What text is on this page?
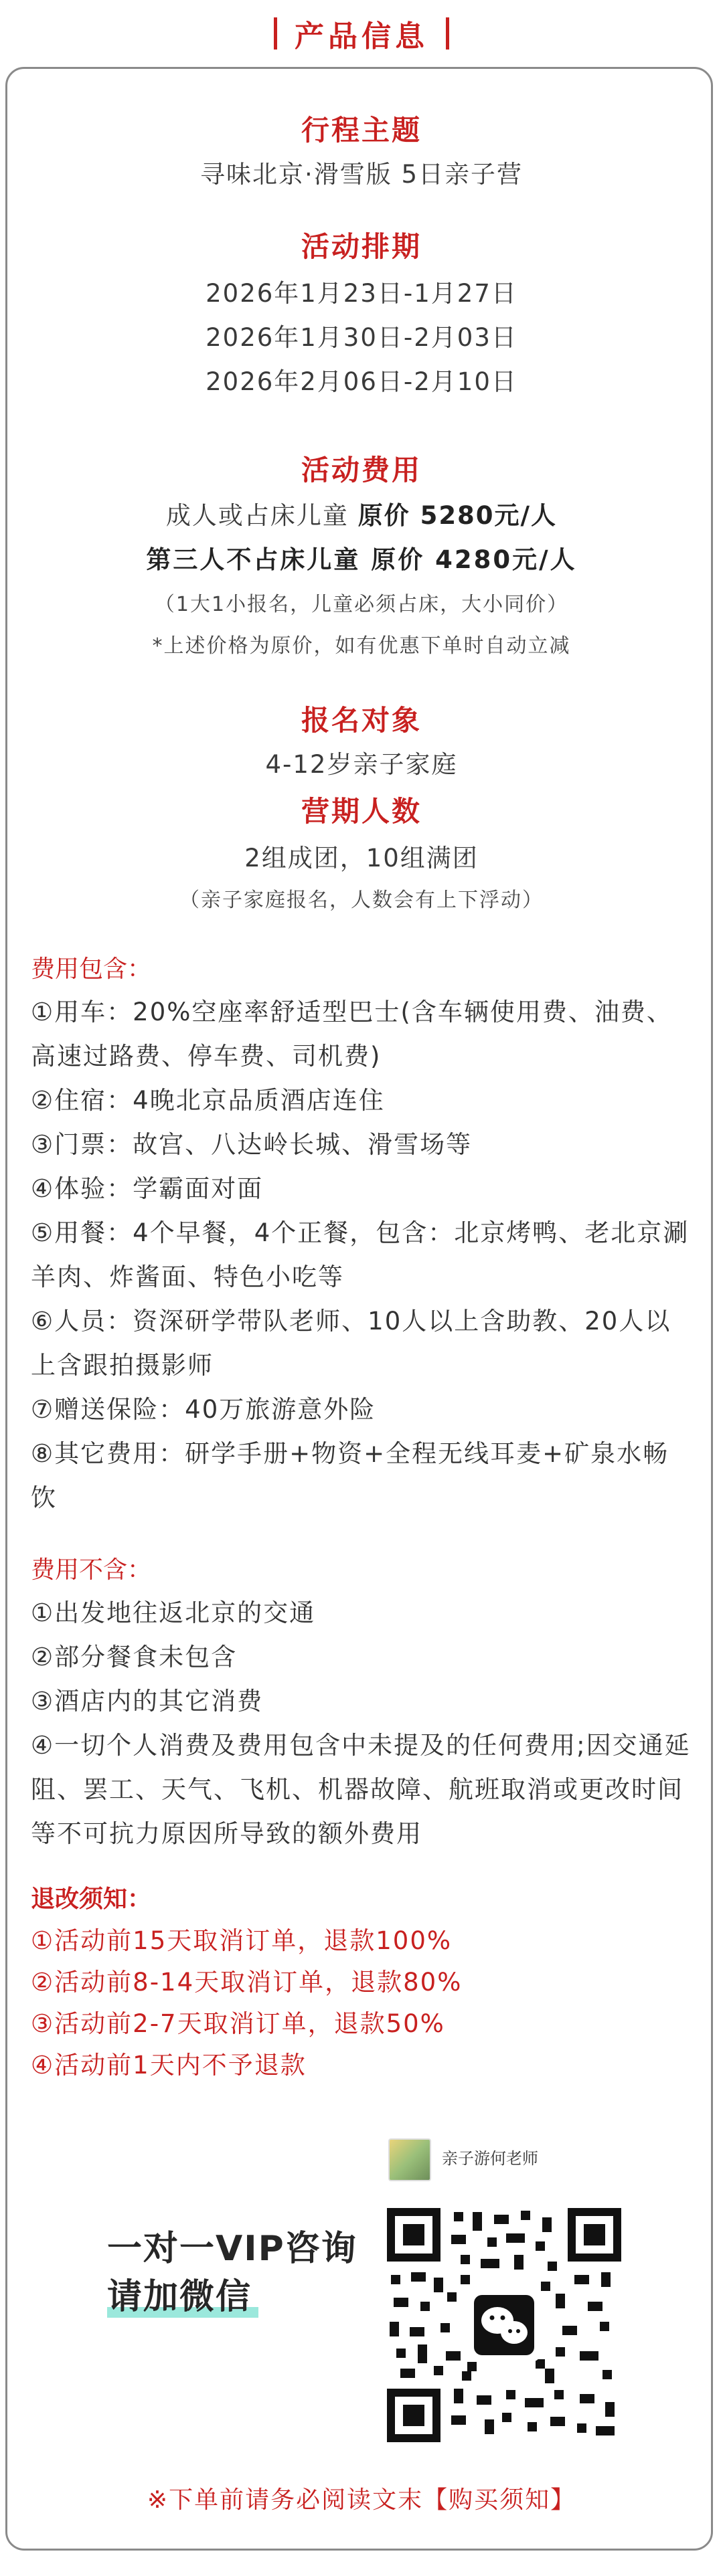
产品信息
行程主题
寻味北京·滑雪版 5日亲子营
活动排期
2026年1月23日-1月27日
2026年1月30日-2月03日
2026年2月06日-2月10日
活动费用
成人或占床儿童 原价 5280元/人
第三人不占床儿童 原价 4280元/人
（1大1小报名，儿童必须占床，大小同价）
*上述价格为原价，如有优惠下单时自动立减
报名对象
4-12岁亲子家庭
营期人数
2组成团，10组满团
（亲子家庭报名，人数会有上下浮动）
费用包含：
①用车：20%空座率舒适型巴士(含车辆使用费、油费、高速过路费、停车费、司机费)
②住宿：4晚北京品质酒店连住
③门票：故宫、八达岭长城、滑雪场等
④体验：学霸面对面
⑤用餐：4个早餐，4个正餐，包含：北京烤鸭、老北京涮羊肉、炸酱面、特色小吃等
⑥人员：资深研学带队老师、10人以上含助教、20人以上含跟拍摄影师
⑦赠送保险：40万旅游意外险
⑧其它费用：研学手册+物资+全程无线耳麦+矿泉水畅饮
费用不含：
①出发地往返北京的交通
②部分餐食未包含
③酒店内的其它消费
④一切个人消费及费用包含中未提及的任何费用;因交通延阻、罢工、天气、飞机、机器故障、航班取消或更改时间等不可抗力原因所导致的额外费用
退改须知：
①活动前15天取消订单，退款100%
②活动前8-14天取消订单，退款80%
③活动前2-7天取消订单，退款50%
④活动前1天内不予退款
亲子游何老师
一对一VIP咨询
请加微信
※下单前请务必阅读文末【购买须知】
